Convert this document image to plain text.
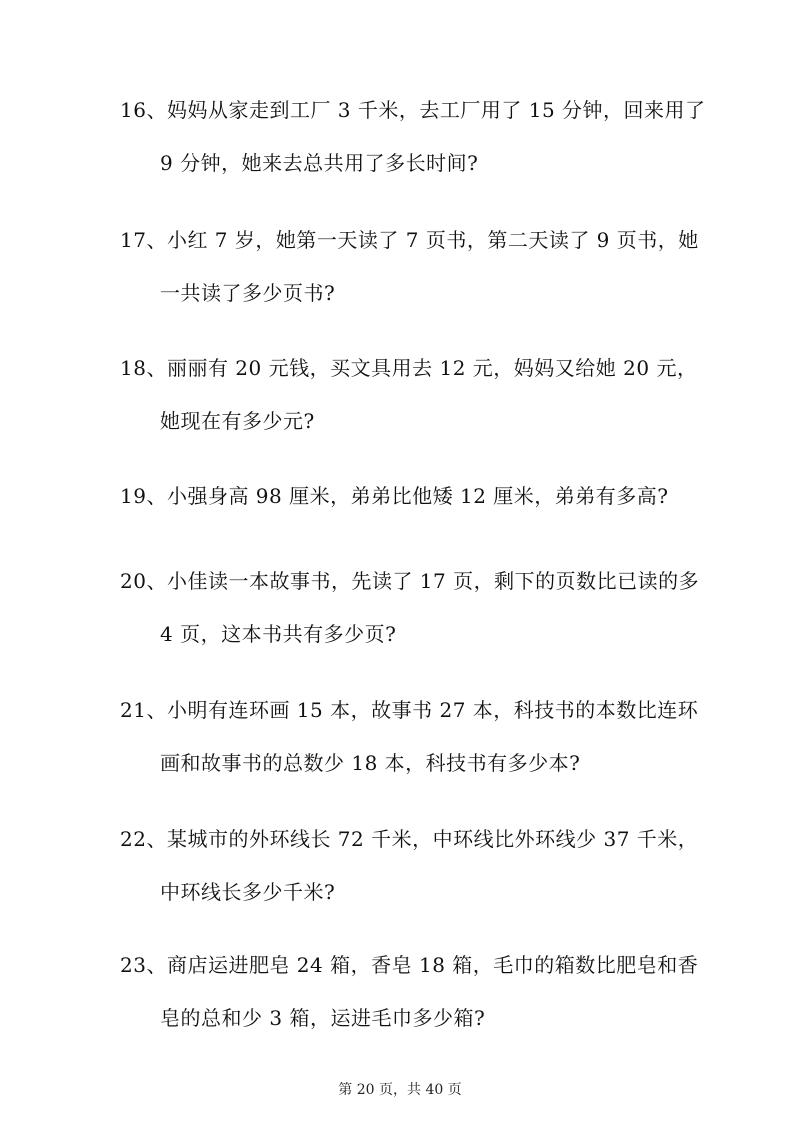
16、妈妈从家走到工厂 3 千米，去工厂用了 15 分钟，回来用了
9 分钟，她来去总共用了多长时间?
17、小红 7 岁，她第一天读了 7 页书，第二天读了 9 页书，她
一共读了多少页书?
18、丽丽有 20 元钱，买文具用去 12 元，妈妈又给她 20 元，
她现在有多少元?
19、小强身高 98 厘米，弟弟比他矮 12 厘米，弟弟有多高?
20、小佳读一本故事书，先读了 17 页，剩下的页数比已读的多
4 页，这本书共有多少页?
21、小明有连环画 15 本，故事书 27 本，科技书的本数比连环
画和故事书的总数少 18 本，科技书有多少本?
22、某城市的外环线长 72 千米，中环线比外环线少 37 千米，
中环线长多少千米?
23、商店运进肥皂 24 箱，香皂 18 箱，毛巾的箱数比肥皂和香
皂的总和少 3 箱，运进毛巾多少箱?
第 20 页，共 40 页
